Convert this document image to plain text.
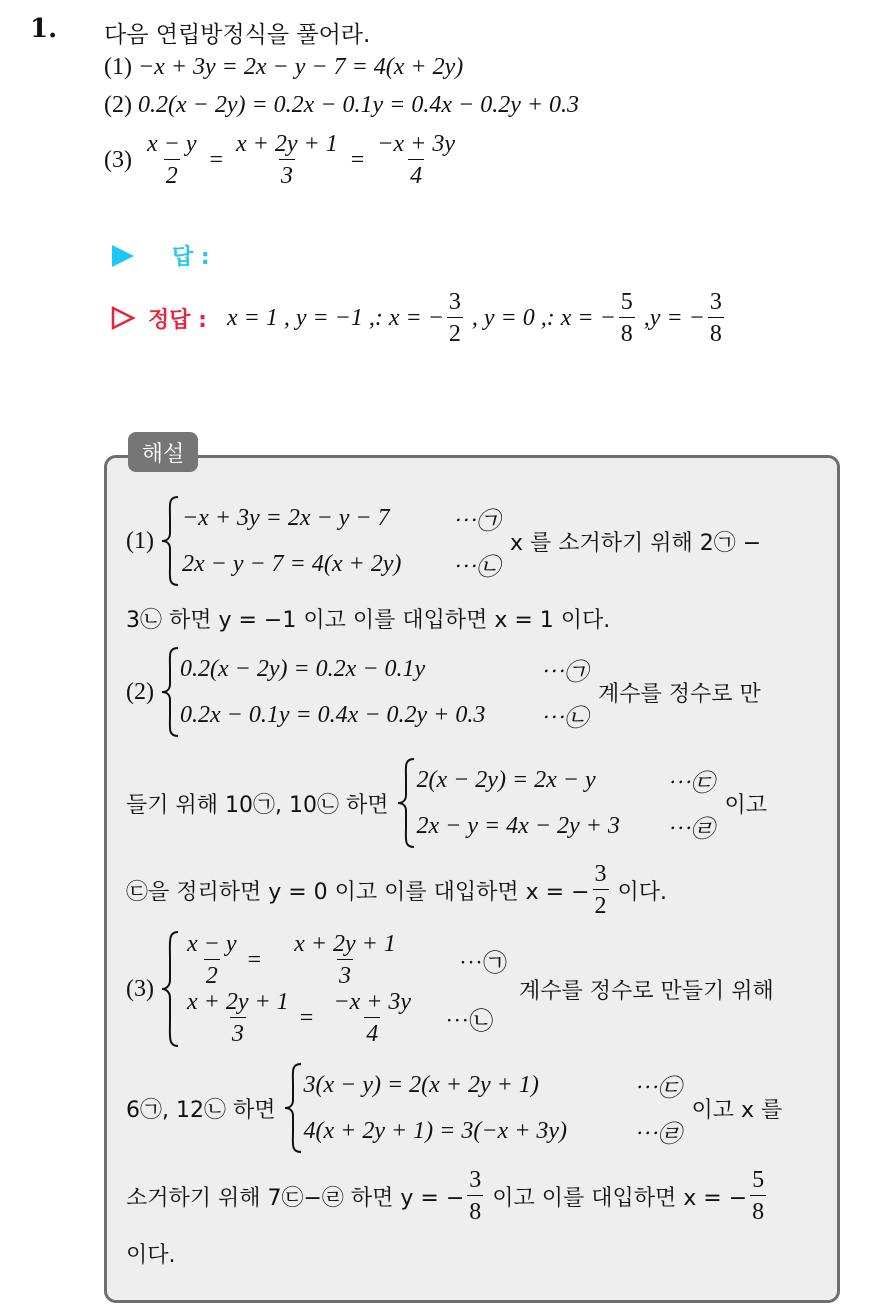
1. 다음 연립방정식을 풀어라.
(1) −x + 3y = 2x − y − 7 = 4(x + 2y)
(2) 0.2(x − 2y) = 0.2x − 0.1y = 0.4x − 0.2y + 0.3
$(3) \frac{x - y}{2} = \frac{x + 2y + 1}{3} = \frac{-x + 3y}{4}$
답 :
정답 : x = 1 , y = −1 ,: x = − $\frac{3}{2}$ , y = 0 ,: x = − $\frac{5}{8} ,y$ = − $\frac{3}{8}$
해설
(1)
−x + 3y = 2x − y − 7	⋯㉠
2x − y − 7 = 4(x + 2y)	⋯㉡
x 를 소거하기 위해 2㉠ −
3㉡ 하면 y = −1 이고 이를 대입하면 x = 1 이다.
(2)
0.2(x − 2y) = 0.2x − 0.1y	⋯㉠
0.2x − 0.1y = 0.4x − 0.2y + 0.3	⋯㉡
계수를 정수로 만
들기 위해 10㉠, 10㉡ 하면
2(x − 2y) = 2x − y	⋯㉢
2x − y = 4x − 2y + 3	⋯㉣
이고
㉢을 정리하면 y = 0 이고 이를 대입하면 x = − $\frac{3}{2}$ 이다.
(3)
$\frac{x - y}{2} = \frac{x + 2y + 1}{3}$ ⋯㉠
$\frac{x + 2y + 1}{3} = \frac{-x + 3y}{4}$ ⋯㉡
계수를 정수로 만들기 위해
6㉠, 12㉡ 하면
3(x − y) = 2(x + 2y + 1)	⋯㉢
4(x + 2y + 1) = 3(−x + 3y)	⋯㉣
이고 x 를
소거하기 위해 7㉢−㉣ 하면 y = − $\frac{3}{8}$ 이고 이를 대입하면 x = − $\frac{5}{8}$
이다.
